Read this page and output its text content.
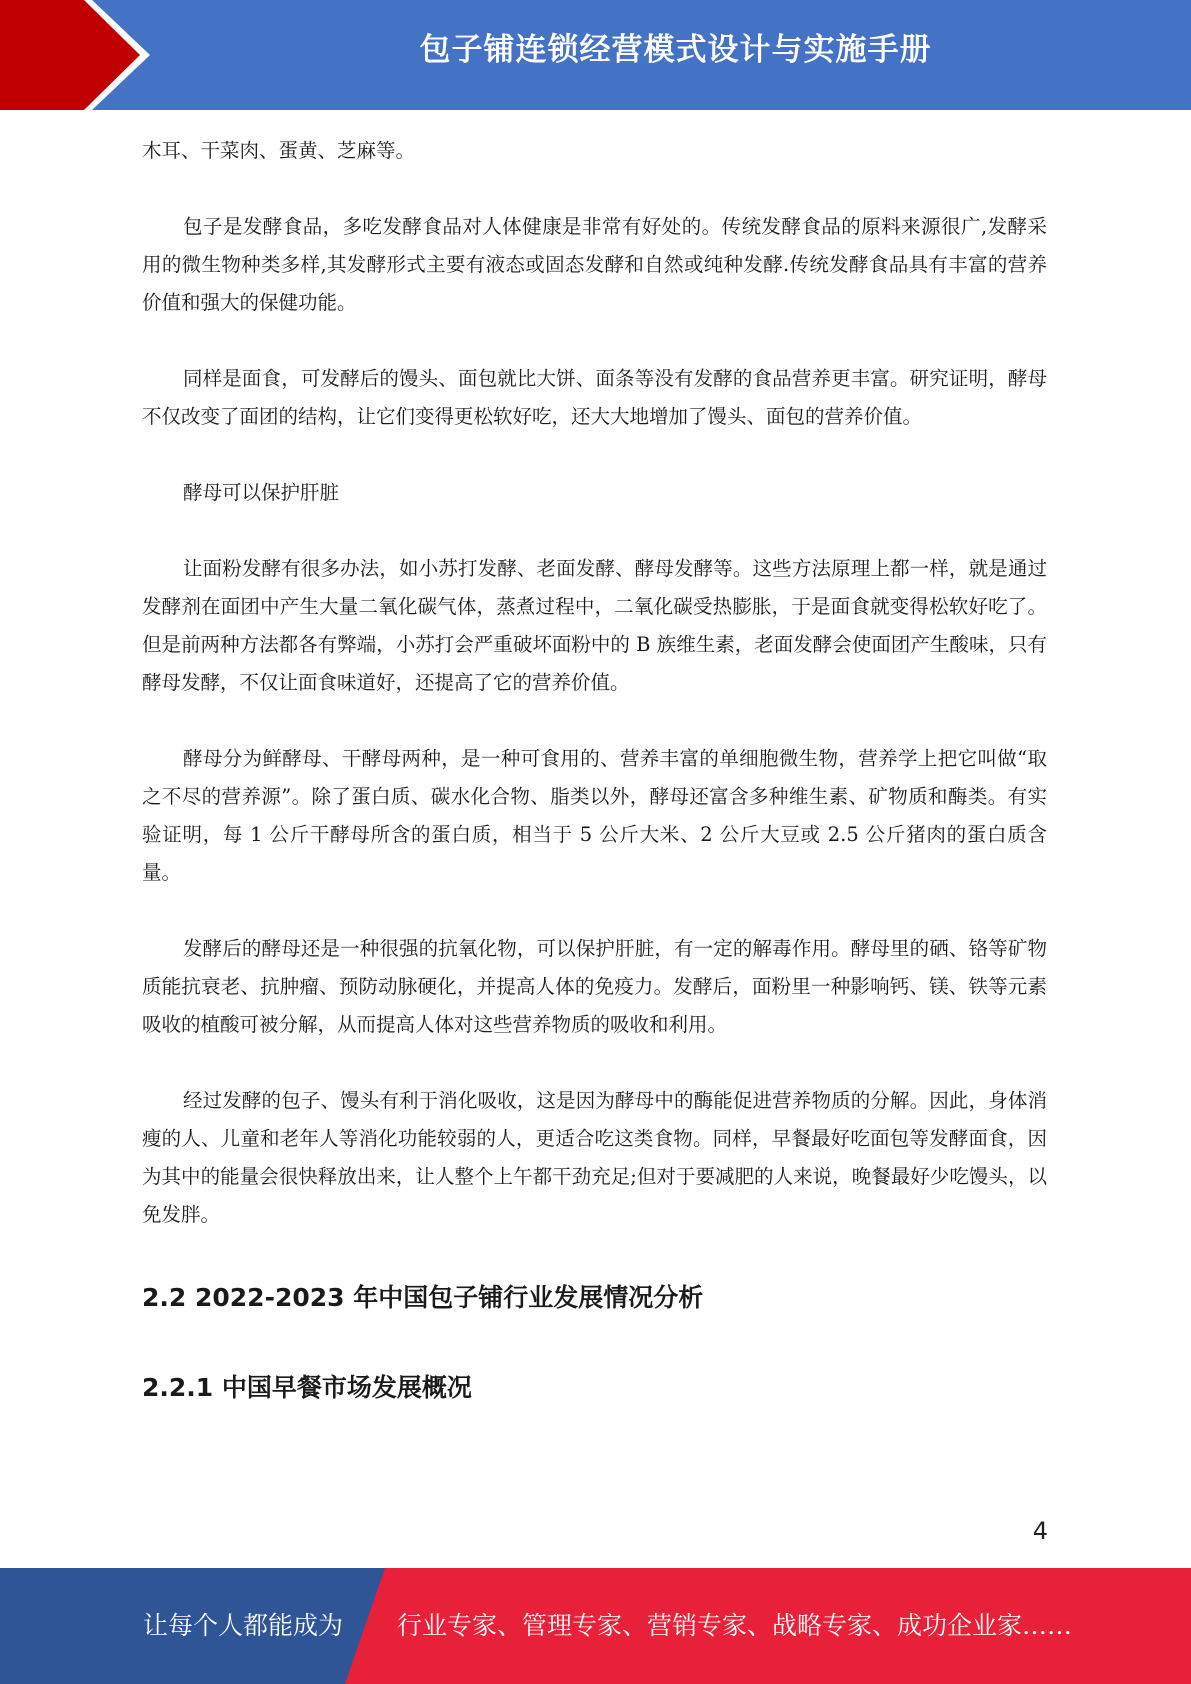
包子铺连锁经营模式设计与实施手册

木耳、干菜肉、蛋黄、芝麻等。

包子是发酵食品，多吃发酵食品对人体健康是非常有好处的。传统发酵食品的原料来源很广,发酵采用的微生物种类多样,其发酵形式主要有液态或固态发酵和自然或纯种发酵.传统发酵食品具有丰富的营养价值和强大的保健功能。

同样是面食，可发酵后的馒头、面包就比大饼、面条等没有发酵的食品营养更丰富。研究证明，酵母不仅改变了面团的结构，让它们变得更松软好吃，还大大地增加了馒头、面包的营养价值。

酵母可以保护肝脏

让面粉发酵有很多办法，如小苏打发酵、老面发酵、酵母发酵等。这些方法原理上都一样，就是通过发酵剂在面团中产生大量二氧化碳气体，蒸煮过程中，二氧化碳受热膨胀，于是面食就变得松软好吃了。但是前两种方法都各有弊端，小苏打会严重破坏面粉中的 B 族维生素，老面发酵会使面团产生酸味，只有酵母发酵，不仅让面食味道好，还提高了它的营养价值。

酵母分为鲜酵母、干酵母两种，是一种可食用的、营养丰富的单细胞微生物，营养学上把它叫做“取之不尽的营养源”。除了蛋白质、碳水化合物、脂类以外，酵母还富含多种维生素、矿物质和酶类。有实验证明，每 1 公斤干酵母所含的蛋白质，相当于 5 公斤大米、2 公斤大豆或 2.5 公斤猪肉的蛋白质含量。

发酵后的酵母还是一种很强的抗氧化物，可以保护肝脏，有一定的解毒作用。酵母里的硒、铬等矿物质能抗衰老、抗肿瘤、预防动脉硬化，并提高人体的免疫力。发酵后，面粉里一种影响钙、镁、铁等元素吸收的植酸可被分解，从而提高人体对这些营养物质的吸收和利用。

经过发酵的包子、馒头有利于消化吸收，这是因为酵母中的酶能促进营养物质的分解。因此，身体消瘦的人、儿童和老年人等消化功能较弱的人，更适合吃这类食物。同样，早餐最好吃面包等发酵面食，因为其中的能量会很快释放出来，让人整个上午都干劲充足;但对于要减肥的人来说，晚餐最好少吃馒头，以免发胖。

2.2 2022-2023 年中国包子铺行业发展情况分析
2.2.1 中国早餐市场发展概况
4
让每个人都能成为 行业专家、管理专家、营销专家、战略专家、成功企业家……
